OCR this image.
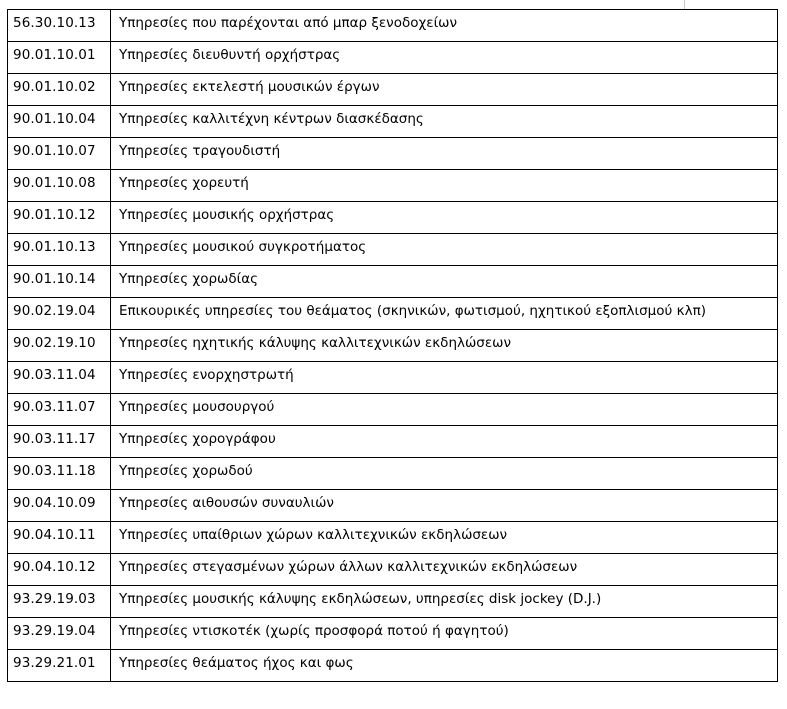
56.30.10.13	Υπηρεσίες που παρέχονται από μπαρ ξενοδοχείων
90.01.10.01	Υπηρεσίες διευθυντή ορχήστρας
90.01.10.02	Υπηρεσίες εκτελεστή μουσικών έργων
90.01.10.04	Υπηρεσίες καλλιτέχνη κέντρων διασκέδασης
90.01.10.07	Υπηρεσίες τραγουδιστή
90.01.10.08	Υπηρεσίες χορευτή
90.01.10.12	Υπηρεσίες μουσικής ορχήστρας
90.01.10.13	Υπηρεσίες μουσικού συγκροτήματος
90.01.10.14	Υπηρεσίες χορωδίας
90.02.19.04	Επικουρικές υπηρεσίες του θεάματος (σκηνικών, φωτισμού, ηχητικού εξοπλισμού κλπ)
90.02.19.10	Υπηρεσίες ηχητικής κάλυψης καλλιτεχνικών εκδηλώσεων
90.03.11.04	Υπηρεσίες ενορχηστρωτή
90.03.11.07	Υπηρεσίες μουσουργού
90.03.11.17	Υπηρεσίες χορογράφου
90.03.11.18	Υπηρεσίες χορωδού
90.04.10.09	Υπηρεσίες αιθουσών συναυλιών
90.04.10.11	Υπηρεσίες υπαίθριων χώρων καλλιτεχνικών εκδηλώσεων
90.04.10.12	Υπηρεσίες στεγασμένων χώρων άλλων καλλιτεχνικών εκδηλώσεων
93.29.19.03	Υπηρεσίες μουσικής κάλυψης εκδηλώσεων, υπηρεσίες disk jockey (D.J.)
93.29.19.04	Υπηρεσίες ντισκοτέκ (χωρίς προσφορά ποτού ή φαγητού)
93.29.21.01	Υπηρεσίες θεάματος ήχος και φως
